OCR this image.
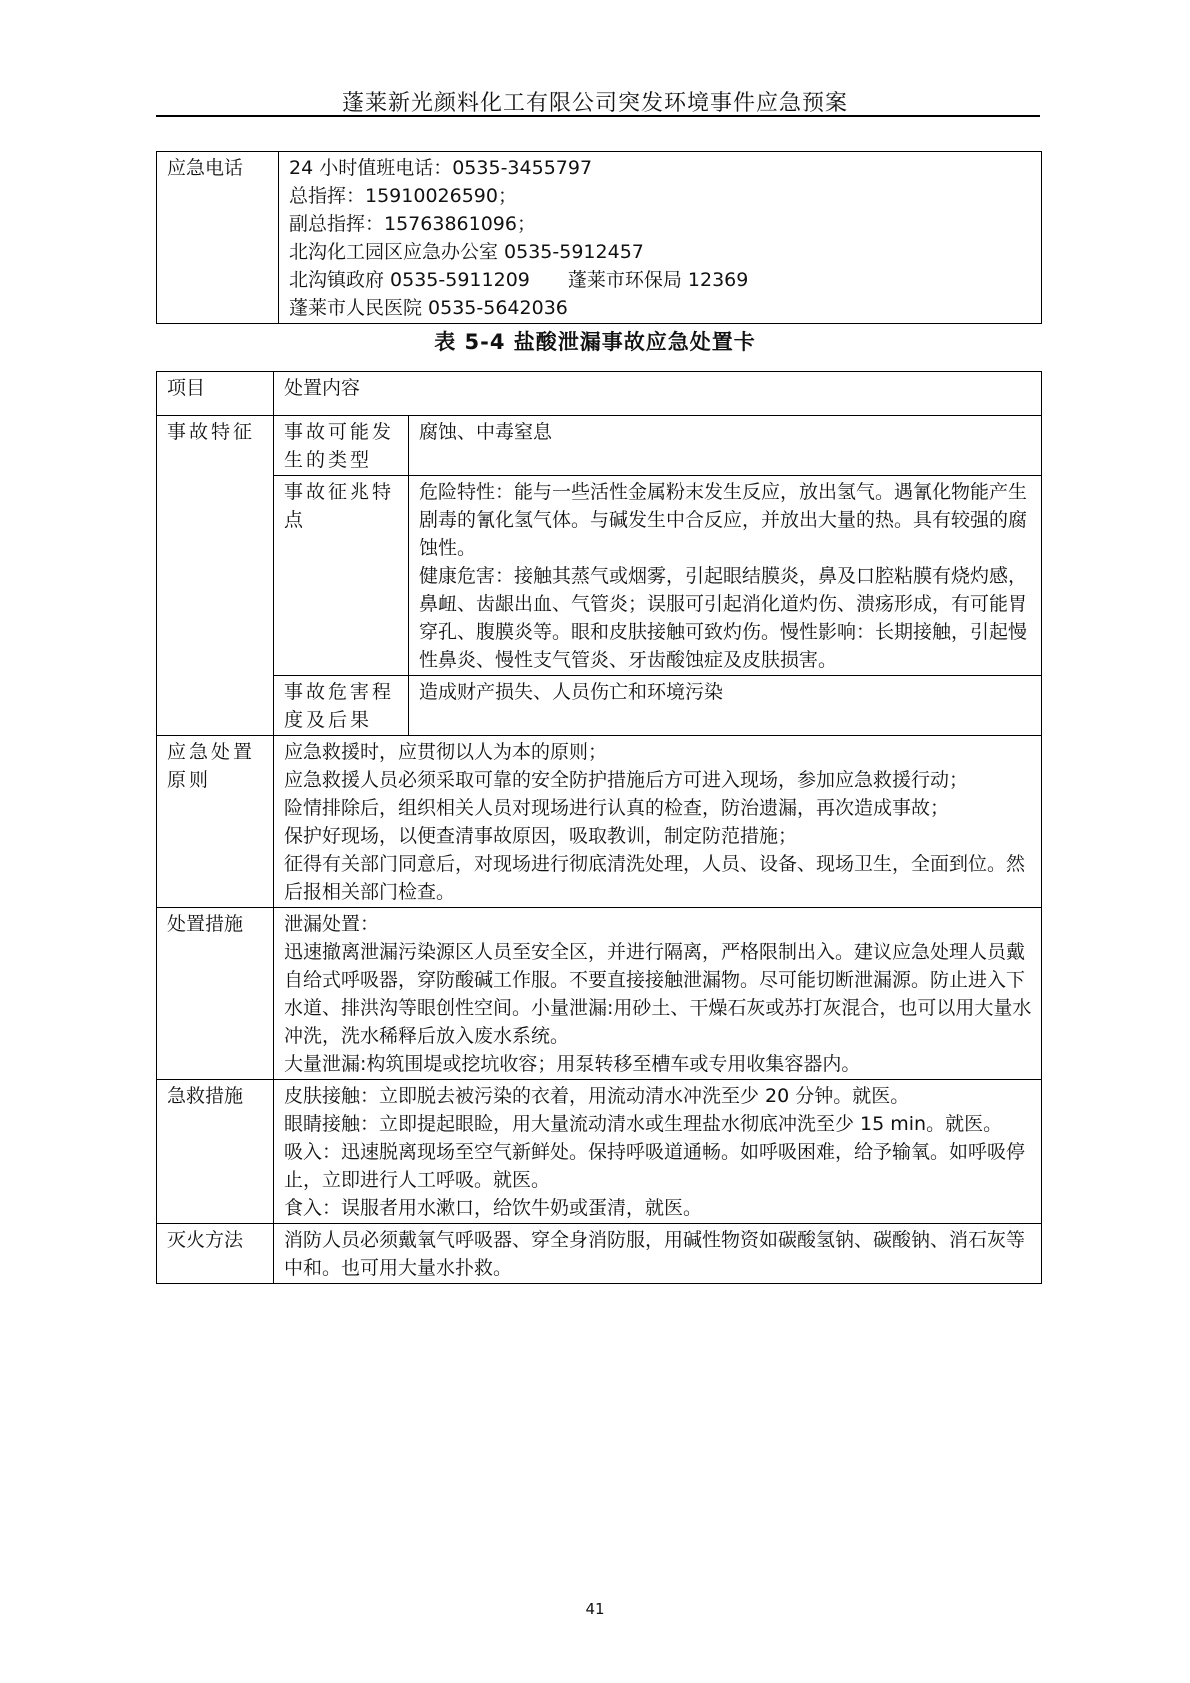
蓬莱新光颜料化工有限公司突发环境事件应急预案
应急电话	24 小时值班电话：0535-3455797
总指挥：15910026590；
副总指挥：15763861096；
北沟化工园区应急办公室 0535-5912457
北沟镇政府 0535-5911209　　蓬莱市环保局 12369
蓬莱市人民医院 0535-5642036
表 5-4 盐酸泄漏事故应急处置卡
项目	处置内容	
事故特征	事故可能发生的类型	腐蚀、中毒窒息
	事故征兆特点	危险特性：能与一些活性金属粉末发生反应，放出氢气。遇氰化物能产生剧毒的氰化氢气体。与碱发生中合反应，并放出大量的热。具有较强的腐蚀性。
健康危害：接触其蒸气或烟雾，引起眼结膜炎，鼻及口腔粘膜有烧灼感，鼻衄、齿龈出血、气管炎；误服可引起消化道灼伤、溃疡形成，有可能胃穿孔、腹膜炎等。眼和皮肤接触可致灼伤。慢性影响：长期接触，引起慢性鼻炎、慢性支气管炎、牙齿酸蚀症及皮肤损害。

	事故危害程度及后果	造成财产损失、人员伤亡和环境污染
应急处置原则	应急救援时，应贯彻以人为本的原则；
应急救援人员必须采取可靠的安全防护措施后方可进入现场，参加应急救援行动；
险情排除后，组织相关人员对现场进行认真的检查，防治遗漏，再次造成事故；
保护好现场，以便查清事故原因，吸取教训，制定防范措施；
征得有关部门同意后，对现场进行彻底清洗处理，人员、设备、现场卫生，全面到位。然后报相关部门检查。	

处置措施	泄漏处置：
迅速撤离泄漏污染源区人员至安全区，并进行隔离，严格限制出入。建议应急处理人员戴自给式呼吸器，穿防酸碱工作服。不要直接接触泄漏物。尽可能切断泄漏源。防止进入下水道、排洪沟等眼创性空间。小量泄漏:用砂土、干燥石灰或苏打灰混合，也可以用大量水冲洗，洗水稀释后放入废水系统。
大量泄漏:构筑围堤或挖坑收容；用泵转移至槽车或专用收集容器内。	

急救措施	皮肤接触：立即脱去被污染的衣着，用流动清水冲洗至少 20 分钟。就医。
眼睛接触：立即提起眼睑，用大量流动清水或生理盐水彻底冲洗至少 15 min。就医。
吸入：迅速脱离现场至空气新鲜处。保持呼吸道通畅。如呼吸困难，给予输氧。如呼吸停止，立即进行人工呼吸。就医。
食入：误服者用水漱口，给饮牛奶或蛋清，就医。	

灭火方法	消防人员必须戴氧气呼吸器、穿全身消防服，用碱性物资如碳酸氢钠、碳酸钠、消石灰等中和。也可用大量水扑救。	
41
